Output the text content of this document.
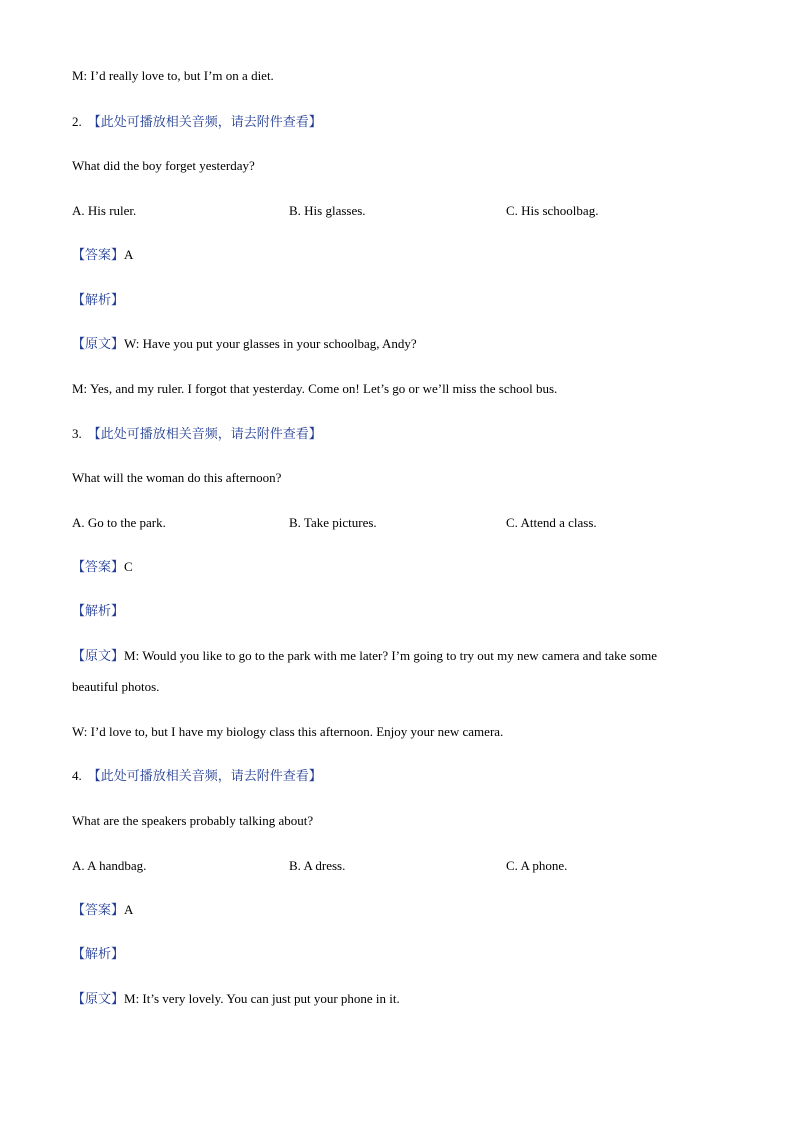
M: I’d really love to, but I’m on a diet.
2. 【此处可播放相关音频，请去附件查看】
What did the boy forget yesterday?
A. His ruler.	B. His glasses.	C. His schoolbag.
【答案】A
【解析】
【原文】W: Have you put your glasses in your schoolbag, Andy?
M: Yes, and my ruler. I forgot that yesterday. Come on! Let’s go or we’ll miss the school bus.
3. 【此处可播放相关音频，请去附件查看】
What will the woman do this afternoon?
A. Go to the park.	B. Take pictures.	C. Attend a class.
【答案】C
【解析】
【原文】M: Would you like to go to the park with me later? I’m going to try out my new camera and take some
beautiful photos.
W: I’d love to, but I have my biology class this afternoon. Enjoy your new camera.
4. 【此处可播放相关音频，请去附件查看】
What are the speakers probably talking about?
A. A handbag.	B. A dress.	C. A phone.
【答案】A
【解析】
【原文】M: It’s very lovely. You can just put your phone in it.
